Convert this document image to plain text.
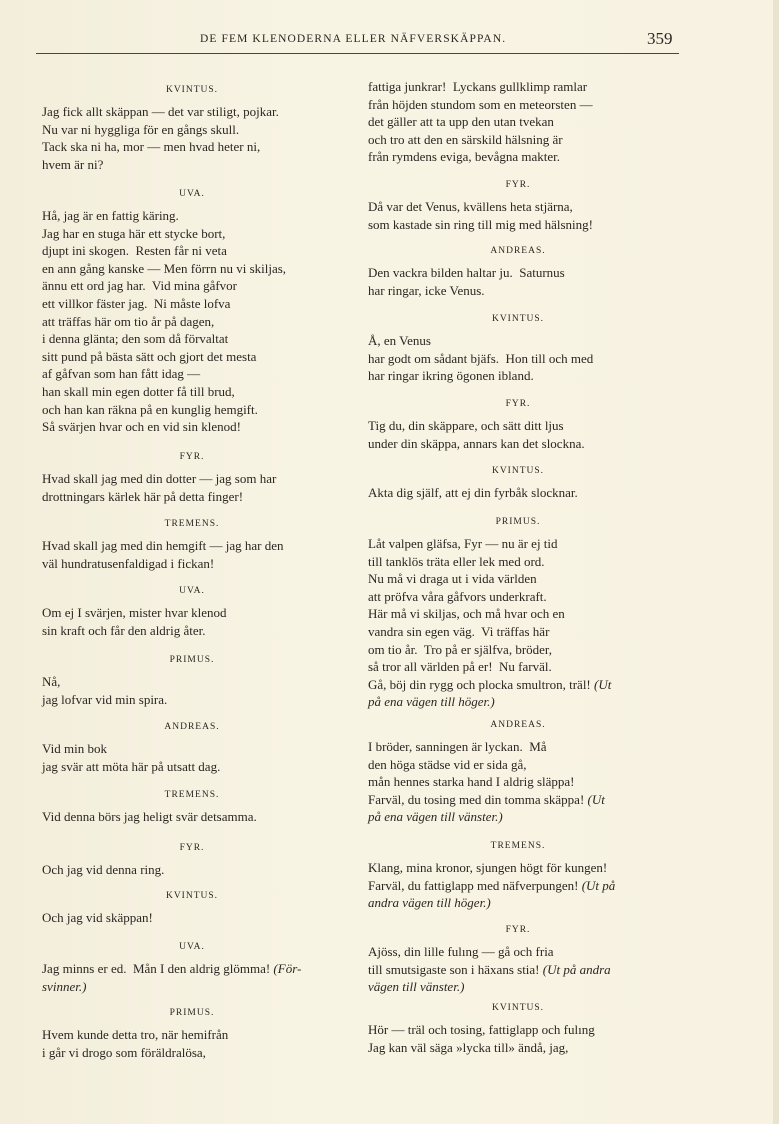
DE FEM KLENODERNA ELLER NÄFVERSKÄPPAN.	359
KVINTUS.
Jag fick allt skäppan — det var stiligt, pojkar.
Nu var ni hyggliga för en gångs skull.
Tack ska ni ha, mor — men hvad heter ni,
hvem är ni?
UVA.
Hå, jag är en fattig käring.
Jag har en stuga här ett stycke bort,
djupt ini skogen.  Resten får ni veta
en ann gång kanske — Men förrn nu vi skiljas,
ännu ett ord jag har.  Vid mina gåfvor
ett villkor fäster jag.  Ni måste lofva
att träffas här om tio år på dagen,
i denna glänta; den som då förvaltat
sitt pund på bästa sätt och gjort det mesta
af gåfvan som han fått idag —
han skall min egen dotter få till brud,
och han kan räkna på en kunglig hemgift.
Så svärjen hvar och en vid sin klenod!
FYR.
Hvad skall jag med din dotter — jag som har
drottningars kärlek här på detta finger!
TREMENS.
Hvad skall jag med din hemgift — jag har den
väl hundratusenfaldigad i fickan!
UVA.
Om ej I svärjen, mister hvar klenod
sin kraft och får den aldrig åter.
PRIMUS.
Nå,
jag lofvar vid min spira.
ANDREAS.
Vid min bok
jag svär att möta här på utsatt dag.
TREMENS.
Vid denna börs jag heligt svär detsamma.
FYR.
Och jag vid denna ring.
KVINTUS.
Och jag vid skäppan!
UVA.
Jag minns er ed.  Mån I den aldrig glömma! (För-
svinner.)
PRIMUS.
Hvem kunde detta tro, när hemifrån
i går vi drogo som föräldralösa,
fattiga junkrar!  Lyckans gullklimp ramlar
från höjden stundom som en meteorsten —
det gäller att ta upp den utan tvekan
och tro att den en särskild hälsning är
från rymdens eviga, bevågna makter.
FYR.
Då var det Venus, kvällens heta stjärna,
som kastade sin ring till mig med hälsning!
ANDREAS.
Den vackra bilden haltar ju.  Saturnus
har ringar, icke Venus.
KVINTUS.
Å, en Venus
har godt om sådant bjäfs.  Hon till och med
har ringar ikring ögonen ibland.
FYR.
Tig du, din skäppare, och sätt ditt ljus
under din skäppa, annars kan det slockna.
KVINTUS.
Akta dig själf, att ej din fyrbåk slocknar.
PRIMUS.
Låt valpen gläfsa, Fyr — nu är ej tid
till tanklös träta eller lek med ord.
Nu må vi draga ut i vida världen
att pröfva våra gåfvors underkraft.
Här må vi skiljas, och må hvar och en
vandra sin egen väg.  Vi träffas här
om tio år.  Tro på er själfva, bröder,
så tror all världen på er!  Nu farväl.
Gå, böj din rygg och plocka smultron, träl! (Ut
på ena vägen till höger.)
ANDREAS.
I bröder, sanningen är lyckan.  Må
den höga städse vid er sida gå,
mån hennes starka hand I aldrig släppa!
Farväl, du tosing med din tomma skäppa! (Ut
på ena vägen till vänster.)
TREMENS.
Klang, mina kronor, sjungen högt för kungen!
Farväl, du fattiglapp med näfverpungen! (Ut på
andra vägen till höger.)
FYR.
Ajöss, din lille fulıng — gå och fria
till smutsigaste son i häxans stia! (Ut på andra
vägen till vänster.)
KVINTUS.
Hör — träl och tosing, fattiglapp och fulıng
Jag kan väl säga »lycka till» ändå, jag,
